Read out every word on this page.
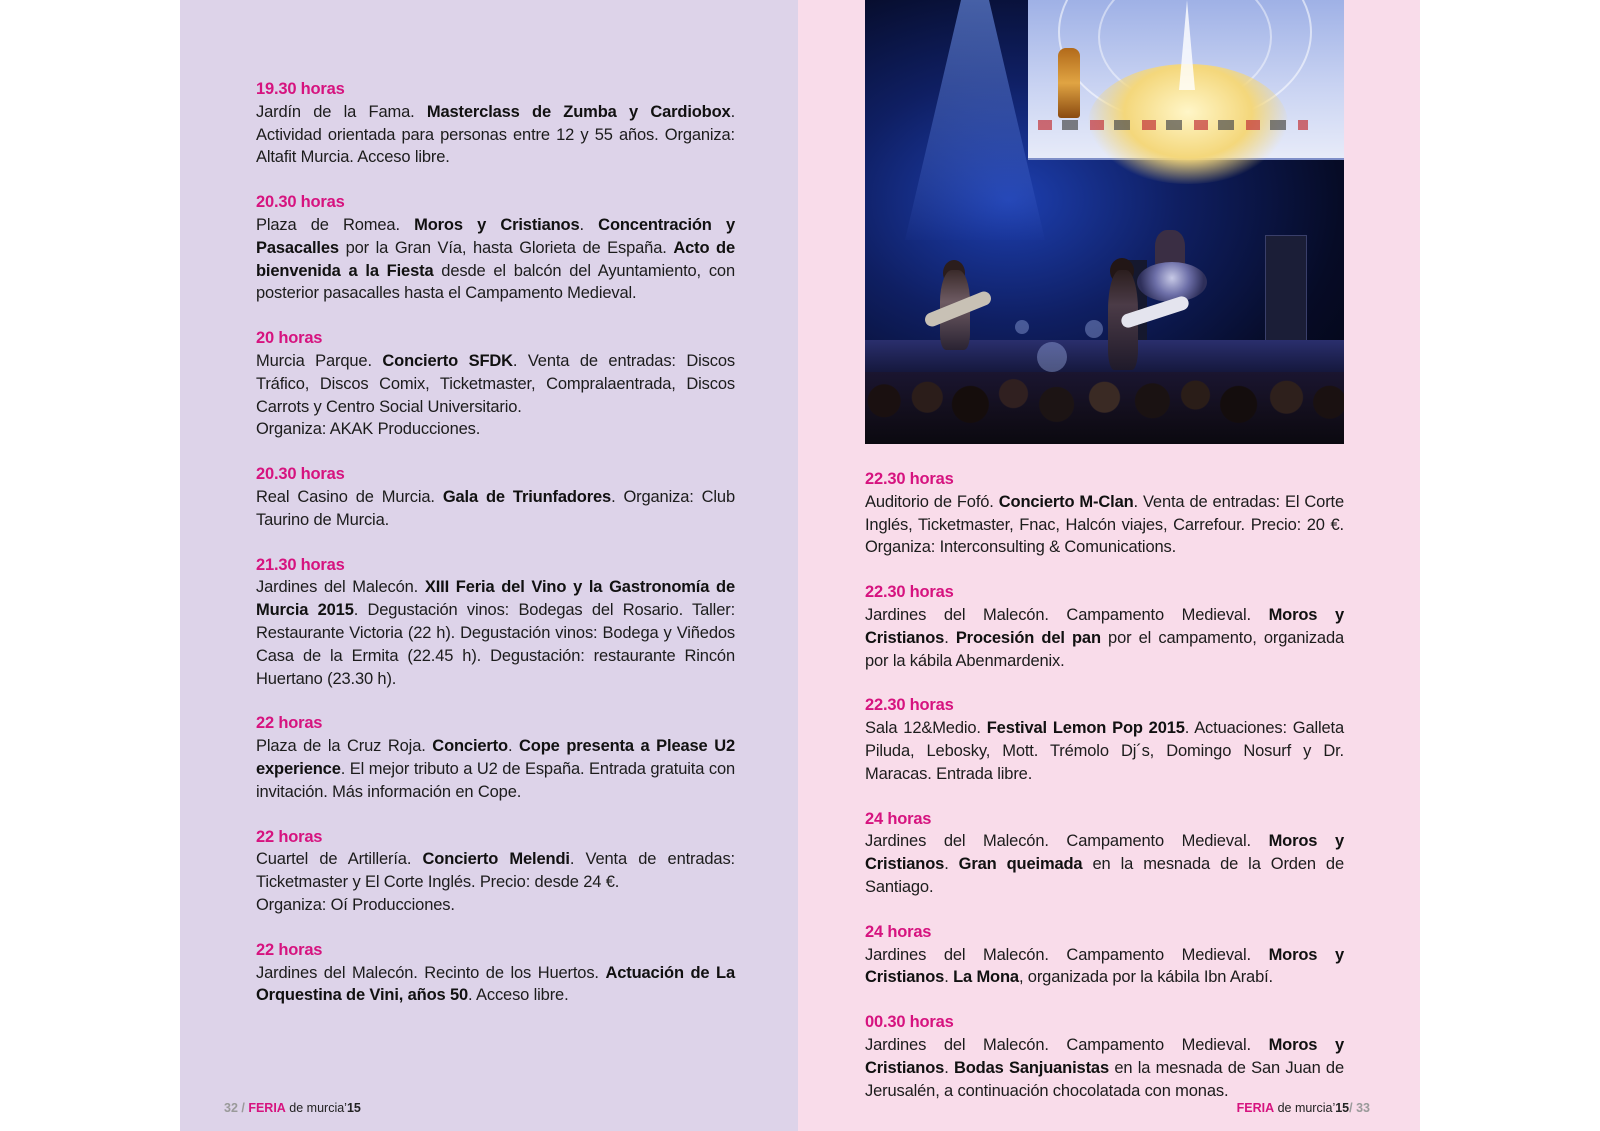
19.30 horas

Jardín de la Fama. Masterclass de Zumba y Cardiobox. Actividad orientada para personas entre 12 y 55 años. Organiza: Altafit Murcia. Acceso libre.

20.30 horas

Plaza de Romea. Moros y Cristianos. Concentración y Pasacalles por la Gran Vía, hasta Glorieta de España. Acto de bienvenida a la Fiesta desde el balcón del Ayuntamiento, con posterior pasacalles hasta el Campamento Medieval.

20 horas

Murcia Parque. Concierto SFDK. Venta de entradas: Discos Tráfico, Discos Comix, Ticketmaster, Compralaentrada, Discos Carrots y Centro Social Universitario.

Organiza: AKAK Producciones.

20.30 horas

Real Casino de Murcia. Gala de Triunfadores. Organiza: Club Taurino de Murcia.

21.30 horas

Jardines del Malecón. XIII Feria del Vino y la Gastronomía de Murcia 2015. Degustación vinos: Bodegas del Rosario. Taller: Restaurante Victoria (22 h). Degustación vinos: Bodega y Viñedos Casa de la Ermita (22.45 h). Degustación: restaurante Rincón Huertano (23.30 h).

22 horas

Plaza de la Cruz Roja. Concierto. Cope presenta a Please U2 experience. El mejor tributo a U2 de España. Entrada gratuita con invitación. Más información en Cope.

22 horas

Cuartel de Artillería. Concierto Melendi. Venta de entradas: Ticketmaster y El Corte Inglés. Precio: desde 24 €.

Organiza: Oí Producciones.

22 horas

Jardines del Malecón. Recinto de los Huertos. Actuación de La Orquestina de Vini, años 50. Acceso libre.

32 / FERIA de murcia’15
22.30 horas

Auditorio de Fofó. Concierto M-Clan. Venta de entradas: El Corte Inglés, Ticketmaster, Fnac, Halcón viajes, Carrefour. Precio: 20 €. Organiza: Interconsulting & Comunications.

22.30 horas

Jardines del Malecón. Campamento Medieval. Moros y Cristianos. Procesión del pan por el campamento, organizada por la kábila Abenmardenix.

22.30 horas

Sala 12&Medio. Festival Lemon Pop 2015. Actuaciones: Galleta Piluda, Lebosky, Mott. Trémolo Dj´s, Domingo Nosurf y Dr. Maracas. Entrada libre.

24 horas

Jardines del Malecón. Campamento Medieval. Moros y Cristianos. Gran queimada en la mesnada de la Orden de Santiago.

24 horas

Jardines del Malecón. Campamento Medieval. Moros y Cristianos. La Mona, organizada por la kábila Ibn Arabí.

00.30 horas

Jardines del Malecón. Campamento Medieval. Moros y Cristianos. Bodas Sanjuanistas en la mesnada de San Juan de Jerusalén, a continuación chocolatada con monas.

FERIA de murcia’15/ 33
